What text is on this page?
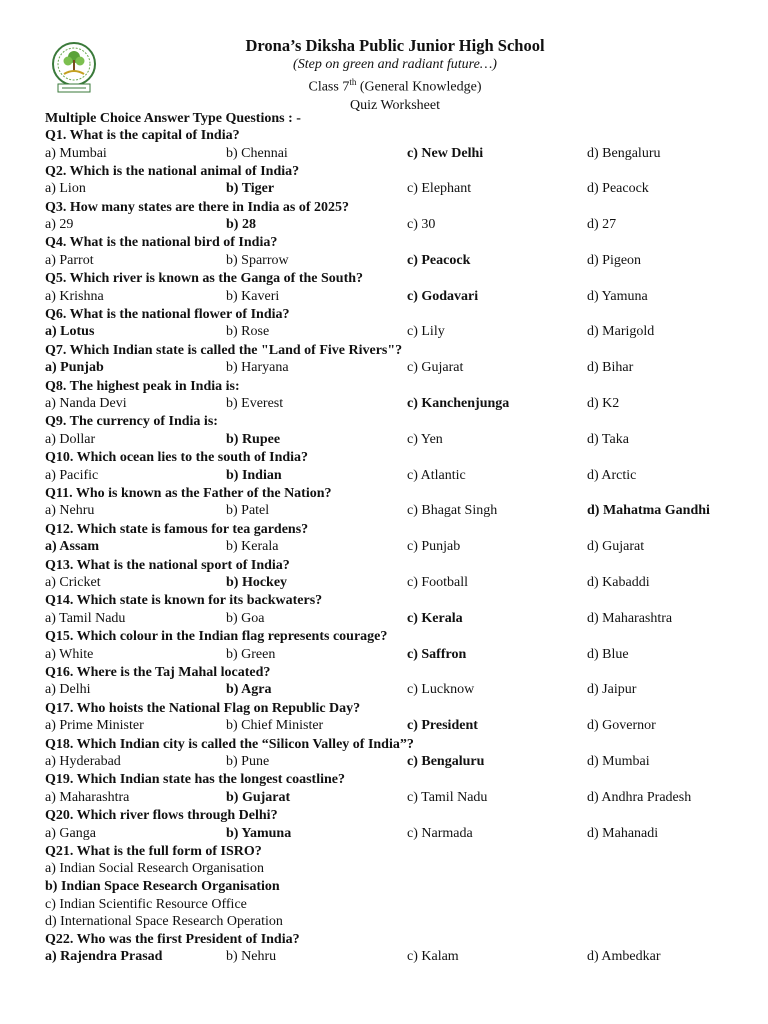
Drona’s Diksha Public Junior High School
(Step on green and radiant future…)
Class 7th (General Knowledge)
Quiz Worksheet
Multiple Choice Answer Type Questions : -
Q1. What is the capital of India?
a) Mumbai	b) Chennai	c) New Delhi	d) Bengaluru
Q2. Which is the national animal of India?
a) Lion	b) Tiger	c) Elephant	d) Peacock
Q3. How many states are there in India as of 2025?
a) 29	b) 28	c) 30	d) 27
Q4. What is the national bird of India?
a) Parrot	b) Sparrow	c) Peacock	d) Pigeon
Q5. Which river is known as the Ganga of the South?
a) Krishna	b) Kaveri	c) Godavari	d) Yamuna
Q6. What is the national flower of India?
a) Lotus	b) Rose	c) Lily	d) Marigold
Q7. Which Indian state is called the "Land of Five Rivers"?
a) Punjab	b) Haryana	c) Gujarat	d) Bihar
Q8. The highest peak in India is:
a) Nanda Devi	b) Everest	c) Kanchenjunga	d) K2
Q9. The currency of India is:
a) Dollar	b) Rupee	c) Yen	d) Taka
Q10. Which ocean lies to the south of India?
a) Pacific	b) Indian	c) Atlantic	d) Arctic
Q11. Who is known as the Father of the Nation?
a) Nehru	b) Patel	c) Bhagat Singh	d) Mahatma Gandhi
Q12. Which state is famous for tea gardens?
a) Assam	b) Kerala	c) Punjab	d) Gujarat
Q13. What is the national sport of India?
a) Cricket	b) Hockey	c) Football	d) Kabaddi
Q14. Which state is known for its backwaters?
a) Tamil Nadu	b) Goa	c) Kerala	d) Maharashtra
Q15. Which colour in the Indian flag represents courage?
a) White	b) Green	c) Saffron	d) Blue
Q16. Where is the Taj Mahal located?
a) Delhi	b) Agra	c) Lucknow	d) Jaipur
Q17. Who hoists the National Flag on Republic Day?
a) Prime Minister	b) Chief Minister	c) President	d) Governor
Q18. Which Indian city is called the “Silicon Valley of India”?
a) Hyderabad	b) Pune	c) Bengaluru	d) Mumbai
Q19. Which Indian state has the longest coastline?
a) Maharashtra	b) Gujarat	c) Tamil Nadu	d) Andhra Pradesh
Q20. Which river flows through Delhi?
a) Ganga	b) Yamuna	c) Narmada	d) Mahanadi
Q21. What is the full form of ISRO?
a) Indian Social Research Organisation
b) Indian Space Research Organisation
c) Indian Scientific Resource Office
d) International Space Research Operation
Q22. Who was the first President of India?
a) Rajendra Prasad	b) Nehru	c) Kalam	d) Ambedkar
